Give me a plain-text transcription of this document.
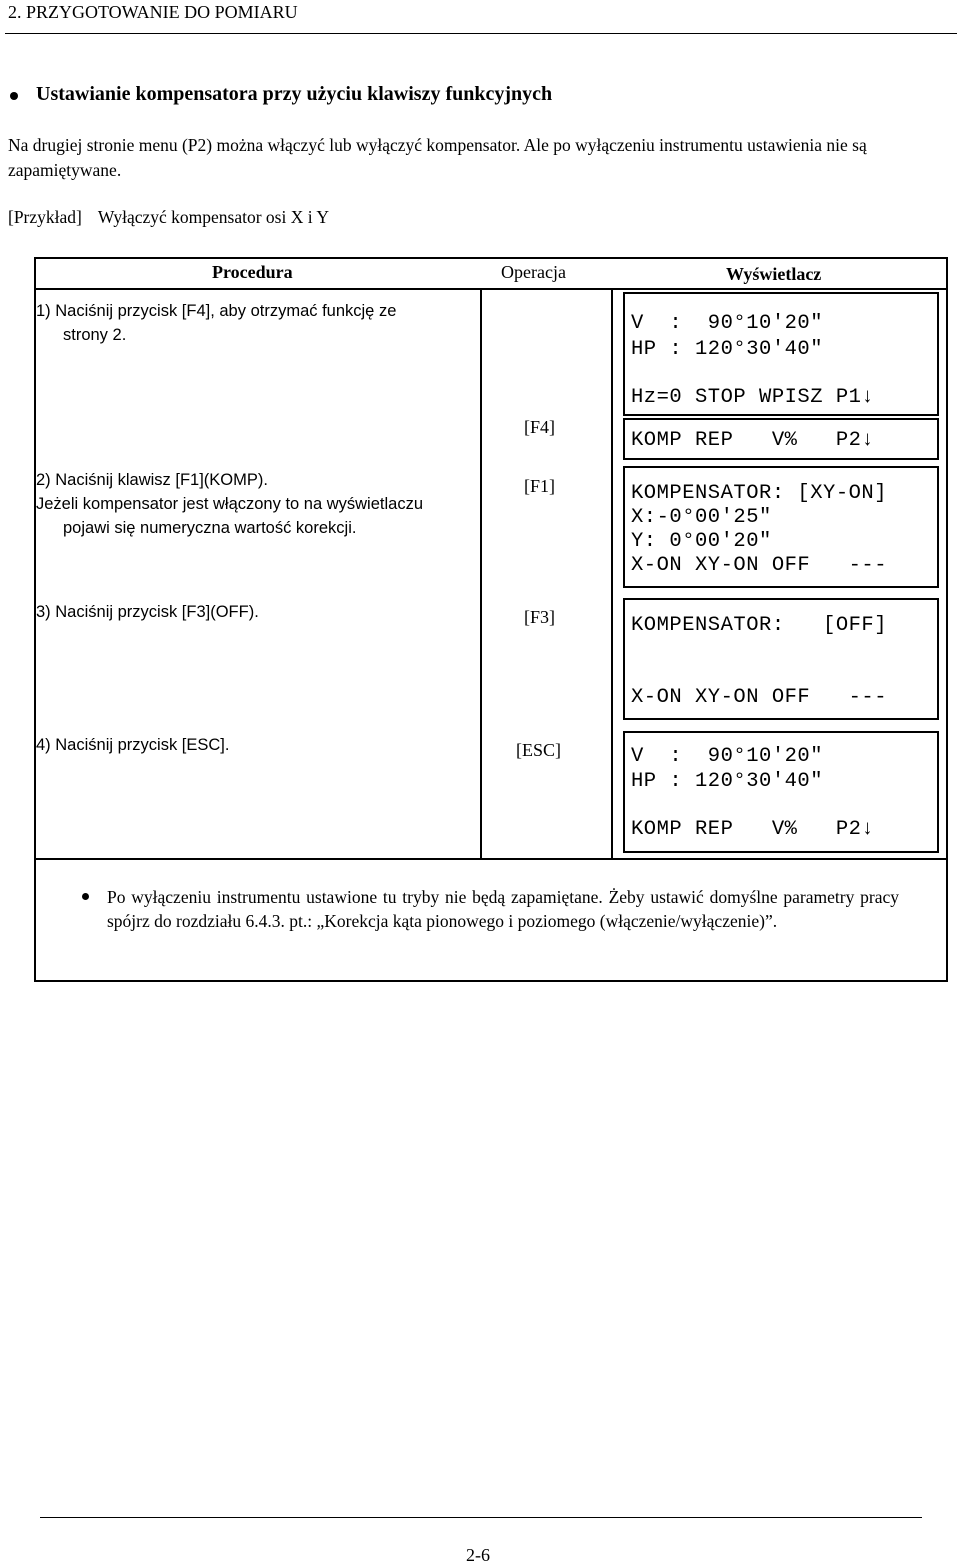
2. PRZYGOTOWANIE DO POMIARU
Ustawianie kompensatora przy użyciu klawiszy funkcyjnych
Na drugiej stronie menu (P2) można włączyć lub wyłączyć kompensator. Ale po wyłączeniu instrumentu ustawienia nie są zapamiętywane.
[Przykład] Wyłączyć kompensator osi X i Y
Procedura	Operacja	Wyświetlacz
1) Naciśnij przycisk [F4], aby otrzymać funkcję ze
strony 2.
2) Naciśnij klawisz [F1](KOMP).
Jeżeli kompensator jest włączony to na wyświetlaczu
pojawi się numeryczna wartość korekcji.
3) Naciśnij przycisk [F3](OFF).
4) Naciśnij przycisk [ESC].
[F4]
[F1]
[F3]
[ESC]
V  :  90°10'20"
HP : 120°30'40"
Hz=0 STOP WPISZ P1↓
KOMP REP   V%   P2↓
KOMPENSATOR: [XY-ON]
X:-0°00'25"
Y: 0°00'20"
X-ON XY-ON OFF   ---
KOMPENSATOR:   [OFF]
X-ON XY-ON OFF   ---
V  :  90°10'20"
HP : 120°30'40"
KOMP REP   V%   P2↓
Po wyłączeniu instrumentu ustawione tu tryby nie będą zapamiętane. Żeby ustawić domyślne parametry pracy spójrz do rozdziału 6.4.3. pt.: „Korekcja kąta pionowego i poziomego (włączenie/wyłączenie)”.
2-6
